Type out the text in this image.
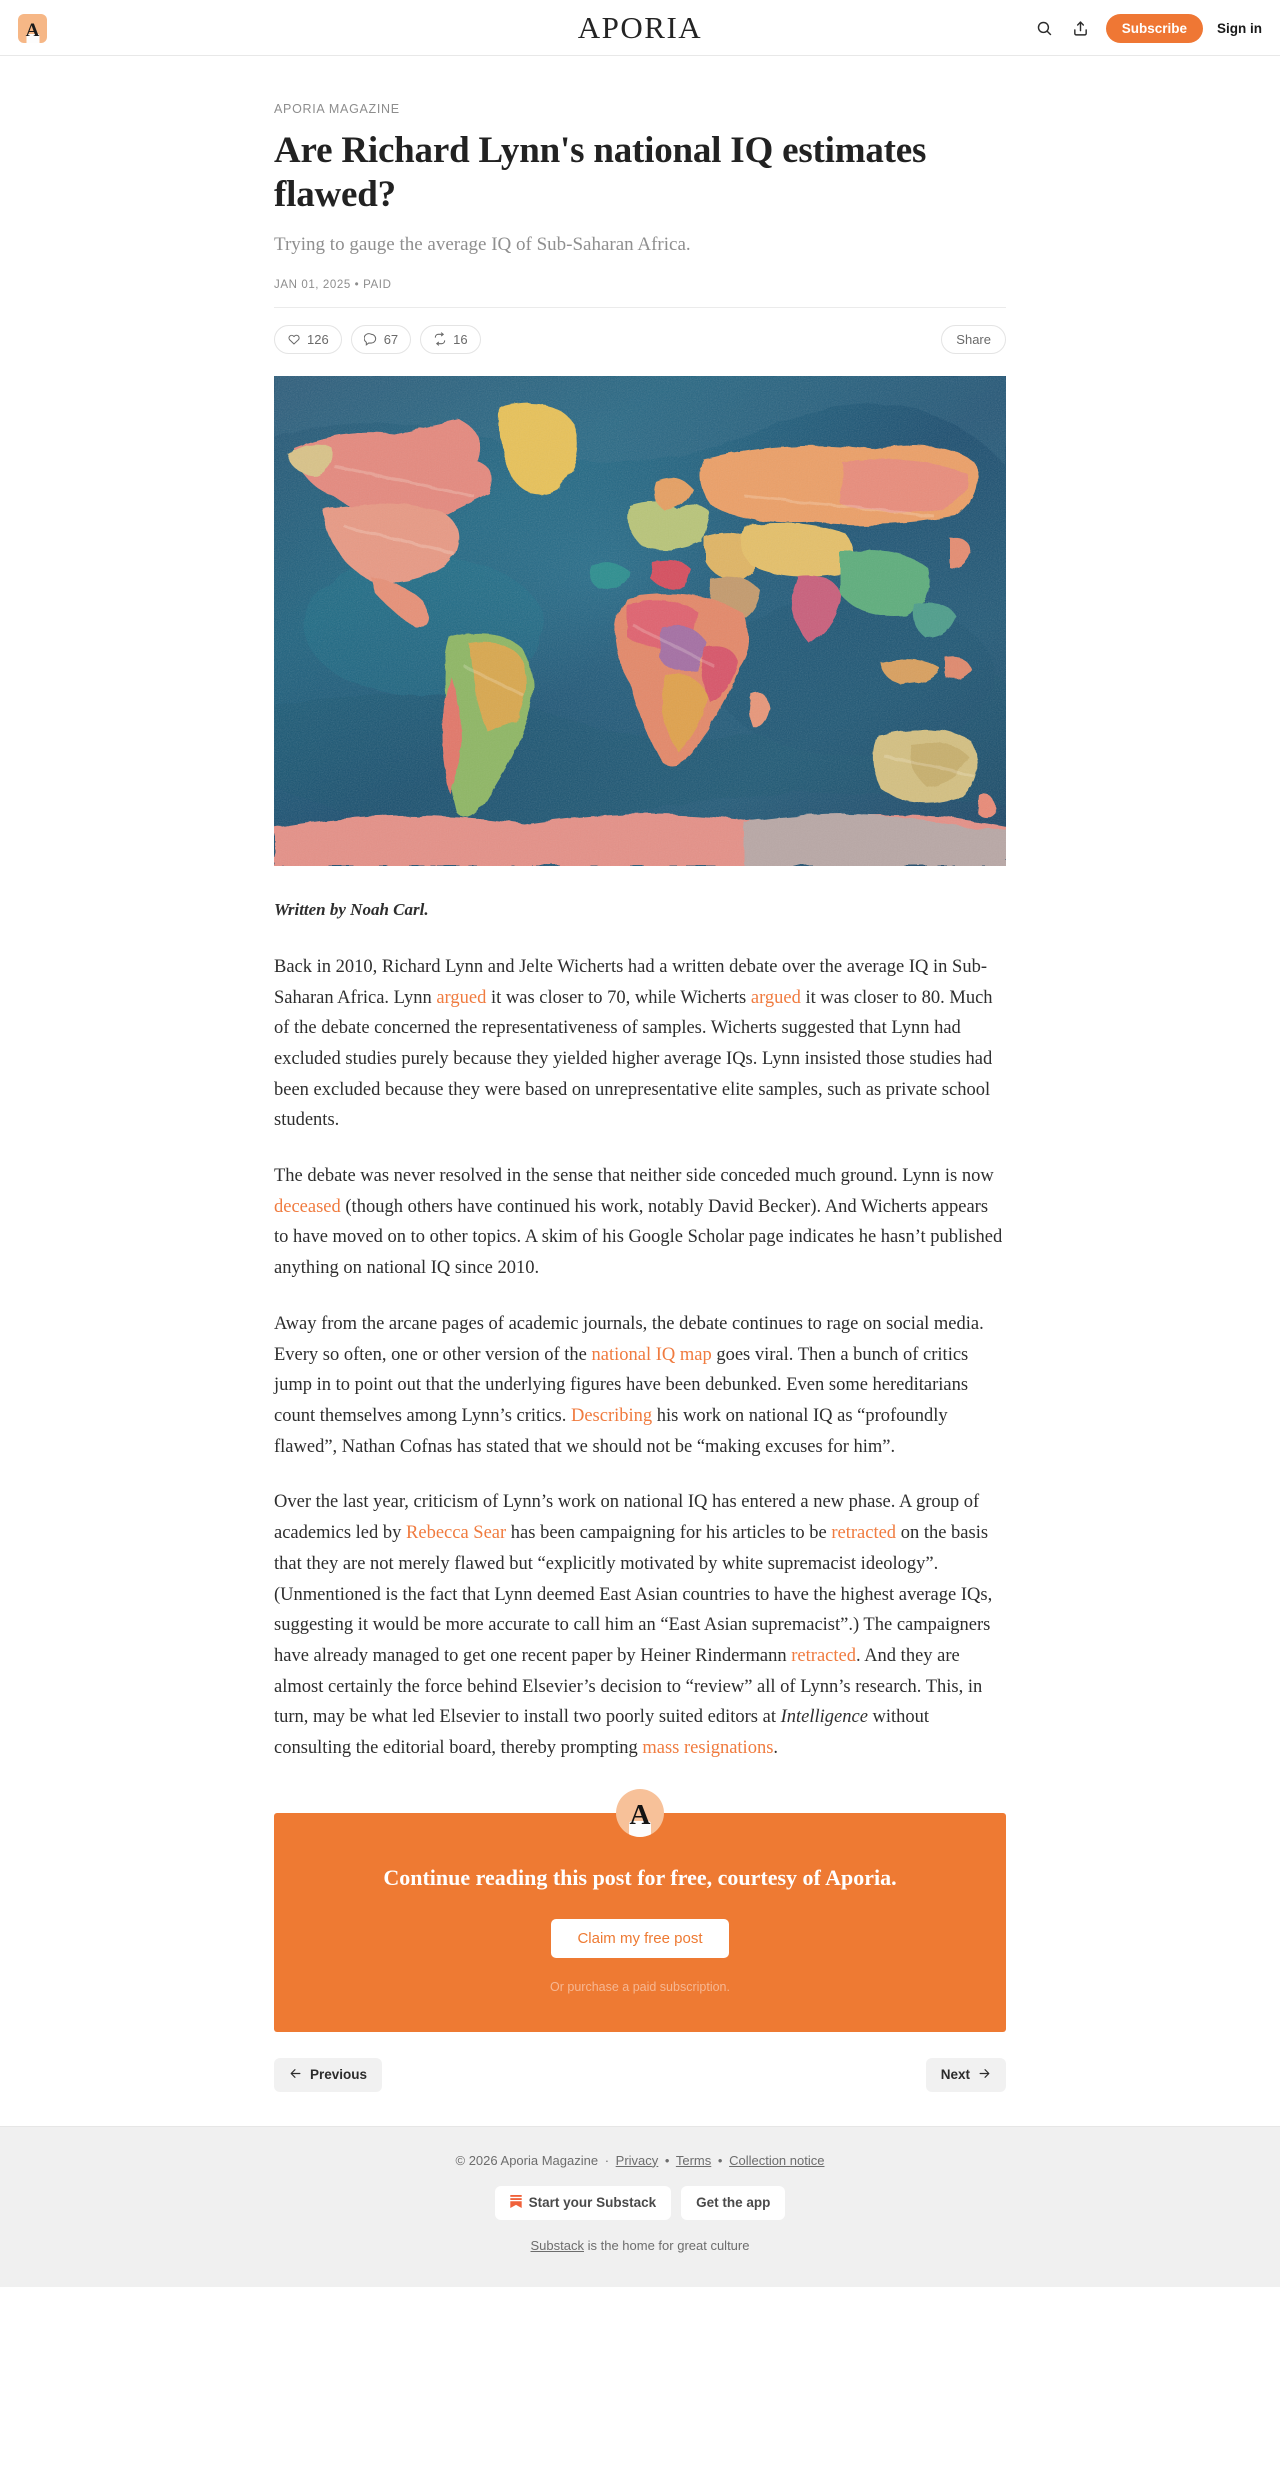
A	APORIA	Subscribe	Sign in
APORIA MAGAZINE
Are Richard Lynn's national IQ estimates flawed?
Trying to gauge the average IQ of Sub-Saharan Africa.
JAN 01, 2025 • PAID
126	67	16	Share

Written by Noah Carl.

Back in 2010, Richard Lynn and Jelte Wicherts had a written debate over the average IQ in Sub-Saharan Africa. Lynn argued it was closer to 70, while Wicherts argued it was closer to 80. Much of the debate concerned the representativeness of samples. Wicherts suggested that Lynn had excluded studies purely because they yielded higher average IQs. Lynn insisted those studies had been excluded because they were based on unrepresentative elite samples, such as private school students.

The debate was never resolved in the sense that neither side conceded much ground. Lynn is now deceased (though others have continued his work, notably David Becker). And Wicherts appears to have moved on to other topics. A skim of his Google Scholar page indicates he hasn’t published anything on national IQ since 2010.

Away from the arcane pages of academic journals, the debate continues to rage on social media. Every so often, one or other version of the national IQ map goes viral. Then a bunch of critics jump in to point out that the underlying figures have been debunked. Even some hereditarians count themselves among Lynn’s critics. Describing his work on national IQ as “profoundly flawed”, Nathan Cofnas has stated that we should not be “making excuses for him”.

Over the last year, criticism of Lynn’s work on national IQ has entered a new phase. A group of academics led by Rebecca Sear has been campaigning for his articles to be retracted on the basis that they are not merely flawed but “explicitly motivated by white supremacist ideology”. (Unmentioned is the fact that Lynn deemed East Asian countries to have the highest average IQs, suggesting it would be more accurate to call him an “East Asian supremacist”.) The campaigners have already managed to get one recent paper by Heiner Rindermann retracted. And they are almost certainly the force behind Elsevier’s decision to “review” all of Lynn’s research. This, in turn, may be what led Elsevier to install two poorly suited editors at Intelligence without consulting the editorial board, thereby prompting mass resignations.

A
Continue reading this post for free, courtesy of Aporia.
Claim my free post
Or purchase a paid subscription.
Previous	Next
© 2026 Aporia Magazine · Privacy • Terms • Collection notice
Start your Substack	Get the app
Substack is the home for great culture
